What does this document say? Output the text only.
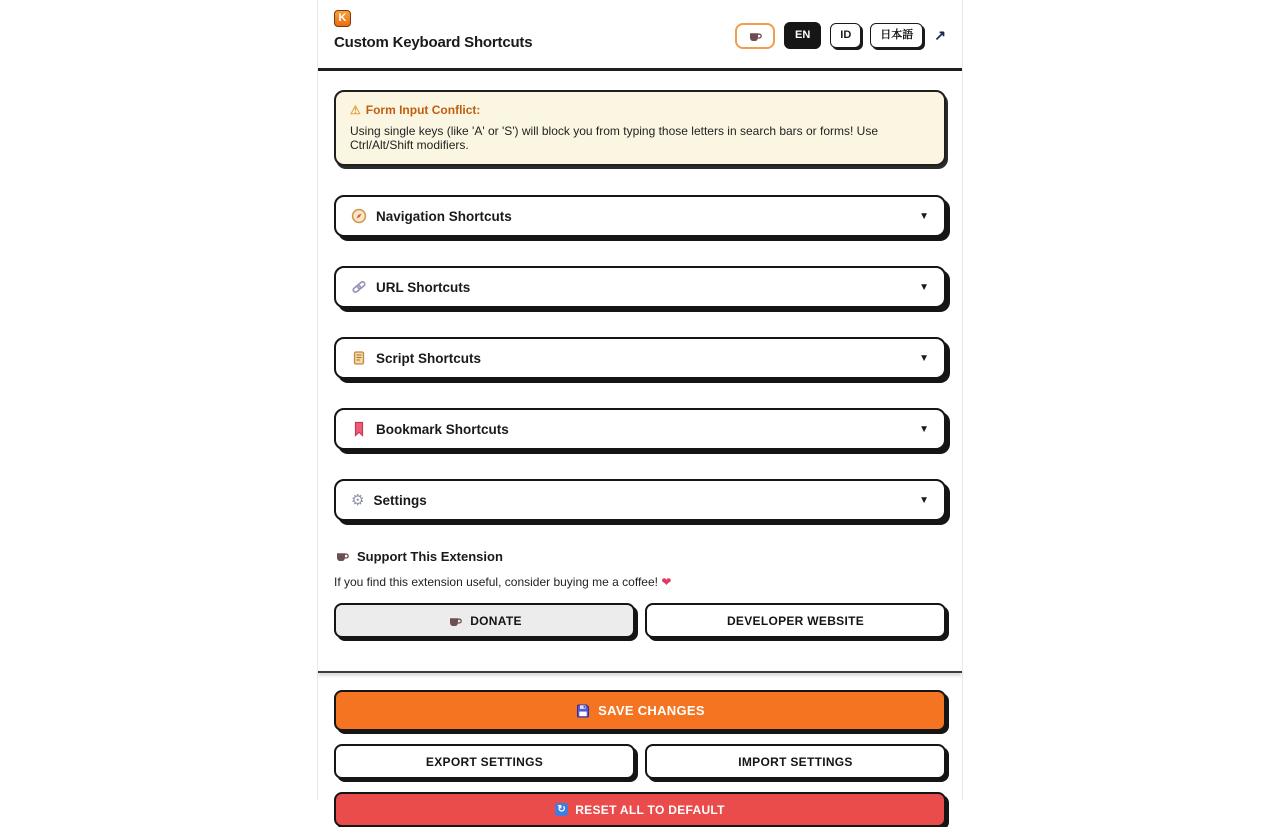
K
Custom Keyboard Shortcuts	EN	ID	日本語	↗
⚠ Form Input Conflict:
Using single keys (like 'A' or 'S') will block you from typing those letters in search bars or forms! Use Ctrl/Alt/Shift modifiers.
Navigation Shortcuts	▼
URL Shortcuts	▼
Script Shortcuts	▼
Bookmark Shortcuts	▼
⚙ Settings	▼
Support This Extension
If you find this extension useful, consider buying me a coffee! ❤
DONATE	DEVELOPER WEBSITE
SAVE CHANGES
EXPORT SETTINGS	IMPORT SETTINGS
↻ RESET ALL TO DEFAULT
